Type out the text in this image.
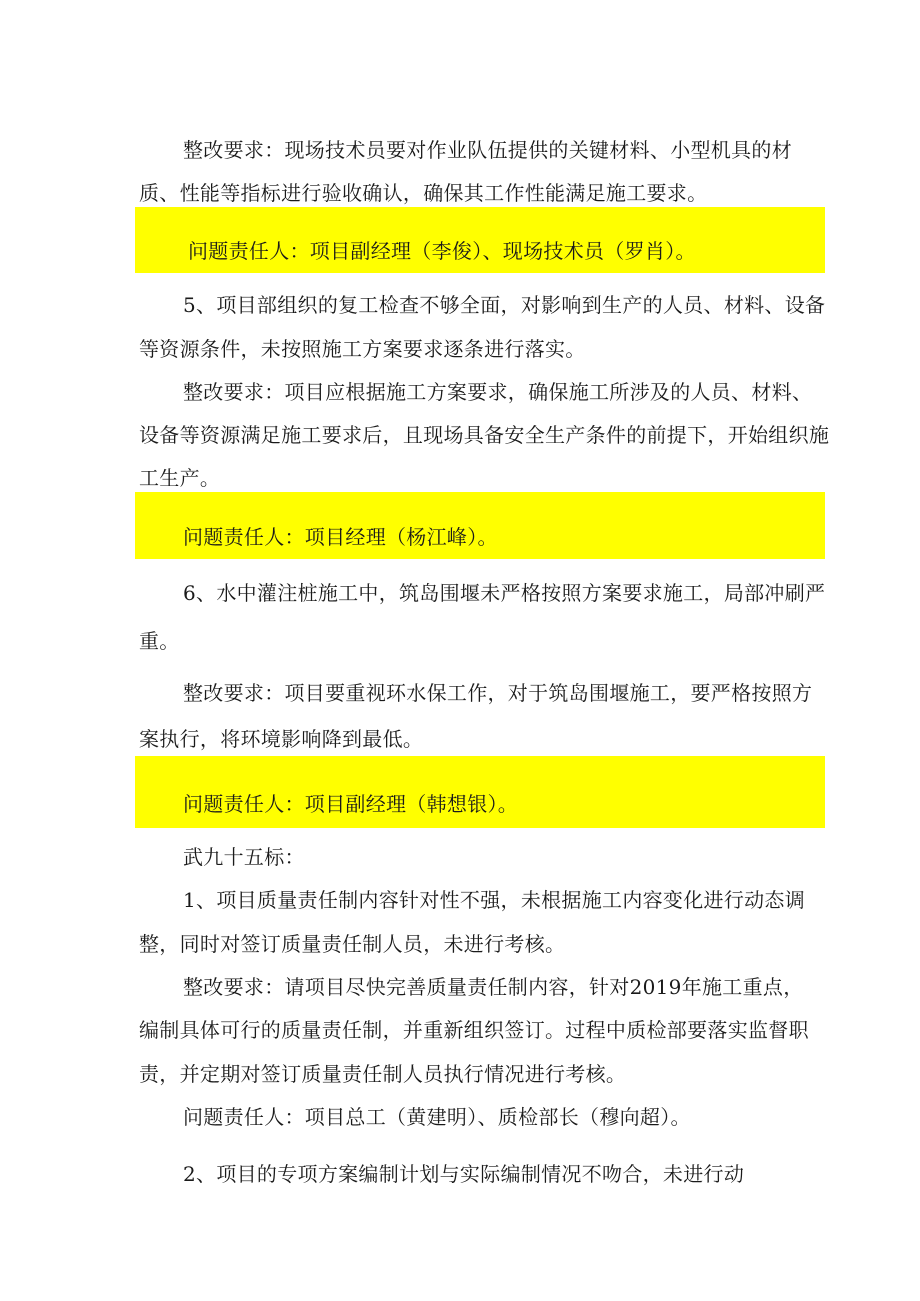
整改要求：现场技术员要对作业队伍提供的关键材料、小型机具的材
质、性能等指标进行验收确认，确保其工作性能满足施工要求。
问题责任人：项目副经理（李俊）、现场技术员（罗肖）。
5、项目部组织的复工检查不够全面，对影响到生产的人员、材料、设备
等资源条件，未按照施工方案要求逐条进行落实。
整改要求：项目应根据施工方案要求，确保施工所涉及的人员、材料、
设备等资源满足施工要求后，且现场具备安全生产条件的前提下，开始组织施
工生产。
问题责任人：项目经理（杨江峰）。
6、水中灌注桩施工中，筑岛围堰未严格按照方案要求施工，局部冲刷严
重。
整改要求：项目要重视环水保工作，对于筑岛围堰施工，要严格按照方
案执行，将环境影响降到最低。
问题责任人：项目副经理（韩想银）。
武九十五标：
1、项目质量责任制内容针对性不强，未根据施工内容变化进行动态调
整，同时对签订质量责任制人员，未进行考核。
整改要求：请项目尽快完善质量责任制内容，针对2019年施工重点，
编制具体可行的质量责任制，并重新组织签订。过程中质检部要落实监督职
责，并定期对签订质量责任制人员执行情况进行考核。
问题责任人：项目总工（黄建明）、质检部长（穆向超）。
2、项目的专项方案编制计划与实际编制情况不吻合，未进行动
